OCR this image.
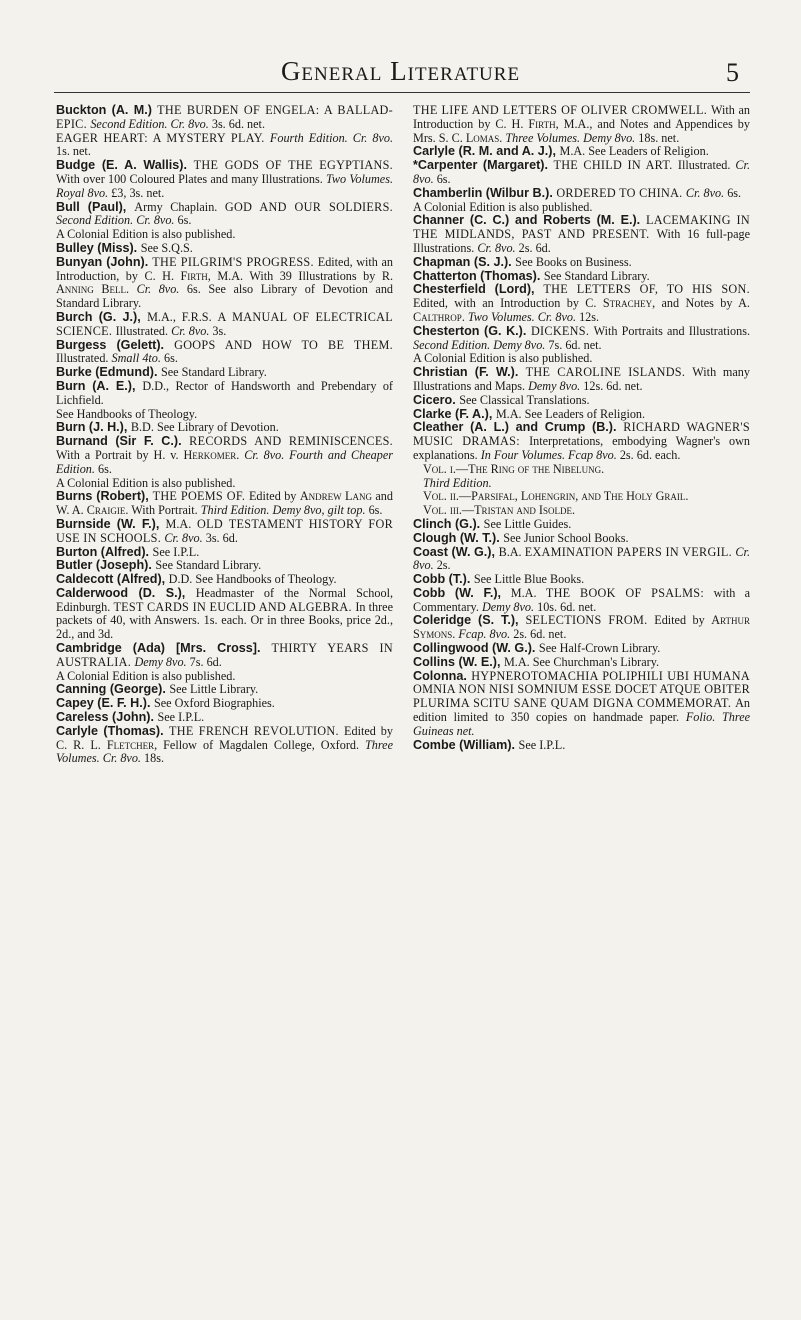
General Literature	5

Buckton (A. M.) THE BURDEN OF ENGELA: A BALLAD-EPIC. Second Edition. Cr. 8vo. 3s. 6d. net.

EAGER HEART: A MYSTERY PLAY. Fourth Edition. Cr. 8vo. 1s. net.

Budge (E. A. Wallis). THE GODS OF THE EGYPTIANS. With over 100 Coloured Plates and many Illustrations. Two Volumes. Royal 8vo. £3, 3s. net.

Bull (Paul), Army Chaplain. GOD AND OUR SOLDIERS. Second Edition. Cr. 8vo. 6s.

A Colonial Edition is also published.

Bulley (Miss). See S.Q.S.

Bunyan (John). THE PILGRIM'S PROGRESS. Edited, with an Introduction, by C. H. Firth, M.A. With 39 Illustrations by R. Anning Bell. Cr. 8vo. 6s. See also Library of Devotion and Standard Library.

Burch (G. J.), M.A., F.R.S. A MANUAL OF ELECTRICAL SCIENCE. Illustrated. Cr. 8vo. 3s.

Burgess (Gelett). GOOPS AND HOW TO BE THEM. Illustrated. Small 4to. 6s.

Burke (Edmund). See Standard Library.

Burn (A. E.), D.D., Rector of Handsworth and Prebendary of Lichfield.

See Handbooks of Theology.

Burn (J. H.), B.D. See Library of Devotion.

Burnand (Sir F. C.). RECORDS AND REMINISCENCES. With a Portrait by H. v. Herkomer. Cr. 8vo. Fourth and Cheaper Edition. 6s.

A Colonial Edition is also published.

Burns (Robert), THE POEMS OF. Edited by Andrew Lang and W. A. Craigie. With Portrait. Third Edition. Demy 8vo, gilt top. 6s.

Burnside (W. F.), M.A. OLD TESTAMENT HISTORY FOR USE IN SCHOOLS. Cr. 8vo. 3s. 6d.

Burton (Alfred). See I.P.L.

Butler (Joseph). See Standard Library.

Caldecott (Alfred), D.D. See Handbooks of Theology.

Calderwood (D. S.), Headmaster of the Normal School, Edinburgh. TEST CARDS IN EUCLID AND ALGEBRA. In three packets of 40, with Answers. 1s. each. Or in three Books, price 2d., 2d., and 3d.

Cambridge (Ada) [Mrs. Cross]. THIRTY YEARS IN AUSTRALIA. Demy 8vo. 7s. 6d.

A Colonial Edition is also published.

Canning (George). See Little Library.

Capey (E. F. H.). See Oxford Biographies.

Careless (John). See I.P.L.

Carlyle (Thomas). THE FRENCH REVOLUTION. Edited by C. R. L. Fletcher, Fellow of Magdalen College, Oxford. Three Volumes. Cr. 8vo. 18s.

THE LIFE AND LETTERS OF OLIVER CROMWELL. With an Introduction by C. H. Firth, M.A., and Notes and Appendices by Mrs. S. C. Lomas. Three Volumes. Demy 8vo. 18s. net.

Carlyle (R. M. and A. J.), M.A. See Leaders of Religion.

*Carpenter (Margaret). THE CHILD IN ART. Illustrated. Cr. 8vo. 6s.

Chamberlin (Wilbur B.). ORDERED TO CHINA. Cr. 8vo. 6s.

A Colonial Edition is also published.

Channer (C. C.) and Roberts (M. E.). LACEMAKING IN THE MIDLANDS, PAST AND PRESENT. With 16 full-page Illustrations. Cr. 8vo. 2s. 6d.

Chapman (S. J.). See Books on Business.

Chatterton (Thomas). See Standard Library.

Chesterfield (Lord), THE LETTERS OF, TO HIS SON. Edited, with an Introduction by C. Strachey, and Notes by A. Calthrop. Two Volumes. Cr. 8vo. 12s.

Chesterton (G. K.). DICKENS. With Portraits and Illustrations. Second Edition. Demy 8vo. 7s. 6d. net.

A Colonial Edition is also published.

Christian (F. W.). THE CAROLINE ISLANDS. With many Illustrations and Maps. Demy 8vo. 12s. 6d. net.

Cicero. See Classical Translations.

Clarke (F. A.), M.A. See Leaders of Religion.

Cleather (A. L.) and Crump (B.). RICHARD WAGNER'S MUSIC DRAMAS: Interpretations, embodying Wagner's own explanations. In Four Volumes. Fcap 8vo. 2s. 6d. each.

Vol. i.—The Ring of the Nibelung.

Third Edition.

Vol. ii.—Parsifal, Lohengrin, and The Holy Grail.

Vol. iii.—Tristan and Isolde.

Clinch (G.). See Little Guides.

Clough (W. T.). See Junior School Books.

Coast (W. G.), B.A. EXAMINATION PAPERS IN VERGIL. Cr. 8vo. 2s.

Cobb (T.). See Little Blue Books.

Cobb (W. F.), M.A. THE BOOK OF PSALMS: with a Commentary. Demy 8vo. 10s. 6d. net.

Coleridge (S. T.), SELECTIONS FROM. Edited by Arthur Symons. Fcap. 8vo. 2s. 6d. net.

Collingwood (W. G.). See Half-Crown Library.

Collins (W. E.), M.A. See Churchman's Library.

Colonna. HYPNEROTOMACHIA POLIPHILI UBI HUMANA OMNIA NON NISI SOMNIUM ESSE DOCET ATQUE OBITER PLURIMA SCITU SANE QUAM DIGNA COMMEMORAT. An edition limited to 350 copies on handmade paper. Folio. Three Guineas net.

Combe (William). See I.P.L.
